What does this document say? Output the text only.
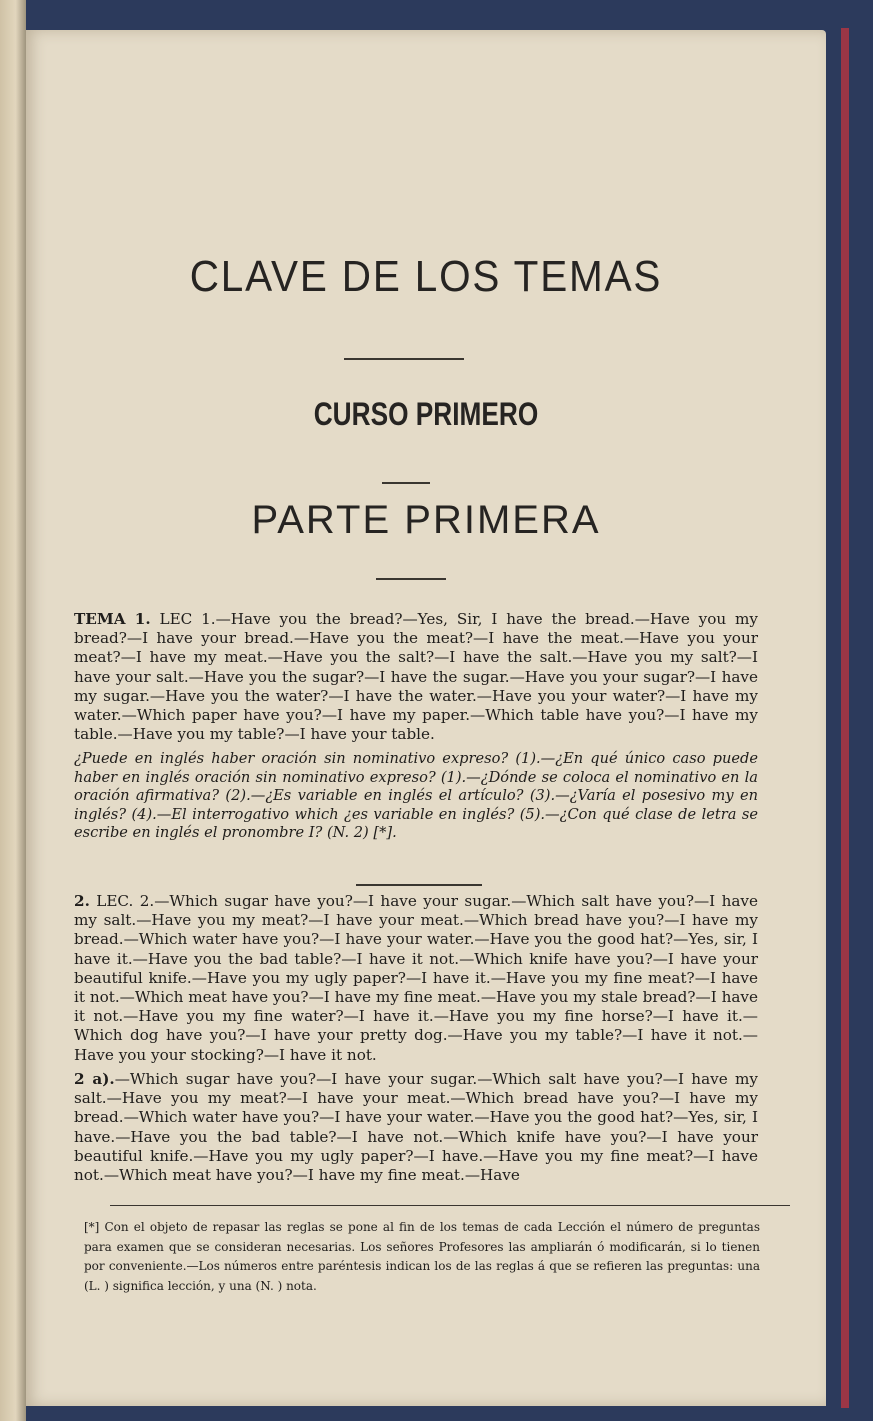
CLAVE DE LOS TEMAS
CURSO PRIMERO
PARTE PRIMERA

TEMA 1. LEC 1.—Have you the bread?—Yes, Sir, I have the bread.—Have you my bread?—I have your bread.—Have you the meat?—I have the meat.—Have you your meat?—I have my meat.—Have you the salt?—I have the salt.—Have you my salt?—I have your salt.—Have you the sugar?—I have the sugar.—Have you your sugar?—I have my sugar.—Have you the water?—I have the water.—Have you your water?—I have my water.—Which paper have you?—I have my paper.—Which table have you?—I have my table.—Have you my table?—I have your table.

¿Puede en inglés haber oración sin nominativo expreso? (1).—¿En qué único caso puede haber en inglés oración sin nominativo expreso? (1).—¿Dónde se coloca el nominativo en la oración afirmativa? (2).—¿Es variable en inglés el artículo? (3).—¿Varía el posesivo my en inglés? (4).—El interrogativo which ¿es variable en inglés? (5).—¿Con qué clase de letra se escribe en inglés el pronombre I? (N. 2) [*].

2. LEC. 2.—Which sugar have you?—I have your sugar.—Which salt have you?—I have my salt.—Have you my meat?—I have your meat.—Which bread have you?—I have my bread.—Which water have you?—I have your water.—Have you the good hat?—Yes, sir, I have it.—Have you the bad table?—I have it not.—Which knife have you?—I have your beautiful knife.—Have you my ugly paper?—I have it.—Have you my fine meat?—I have it not.—Which meat have you?—I have my fine meat.—Have you my stale bread?—I have it not.—Have you my fine water?—I have it.—Have you my fine horse?—I have it.—Which dog have you?—I have your pretty dog.—Have you my table?—I have it not.—Have you your stocking?—I have it not.

2 a).—Which sugar have you?—I have your sugar.—Which salt have you?—I have my salt.—Have you my meat?—I have your meat.—Which bread have you?—I have my bread.—Which water have you?—I have your water.—Have you the good hat?—Yes, sir, I have.—Have you the bad table?—I have not.—Which knife have you?—I have your beautiful knife.—Have you my ugly paper?—I have.—Have you my fine meat?—I have not.—Which meat have you?—I have my fine meat.—Have

[*] Con el objeto de repasar las reglas se pone al fin de los temas de cada Lección el número de preguntas para examen que se consideran necesarias. Los señores Profesores las ampliarán ó modificarán, si lo tienen por conveniente.—Los números entre paréntesis indican los de las reglas á que se refieren las preguntas: una (L. ) significa lección, y una (N. ) nota.
